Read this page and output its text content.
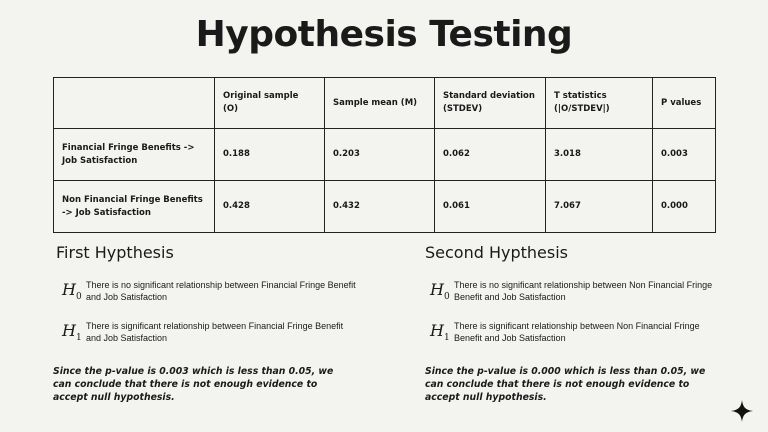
Hypothesis Testing
	Original sample (O)	Sample mean (M)	Standard deviation (STDEV)	T statistics (|O/STDEV|)	P values
Financial Fringe Benefits -> Job Satisfaction	0.188	0.203	0.062	3.018	0.003
Non Financial Fringe Benefits -> Job Satisfaction	0.428	0.432	0.061	7.067	0.000
First Hypthesis
$H_0$
There is no significant relationship between Financial Fringe Benefit and Job Satisfaction
$H_1$
There is significant relationship between Financial Fringe Benefit and Job Satisfaction
Since the p-value is 0.003 which is less than 0.05, we can conclude that there is not enough evidence to accept null hypothesis.
Second Hypthesis
$H_0$
There is no significant relationship between Non Financial Fringe Benefit and Job Satisfaction
$H_1$
There is significant relationship between Non Financial Fringe Benefit and Job Satisfaction
Since the p-value is 0.000 which is less than 0.05, we can conclude that there is not enough evidence to accept null hypothesis.
